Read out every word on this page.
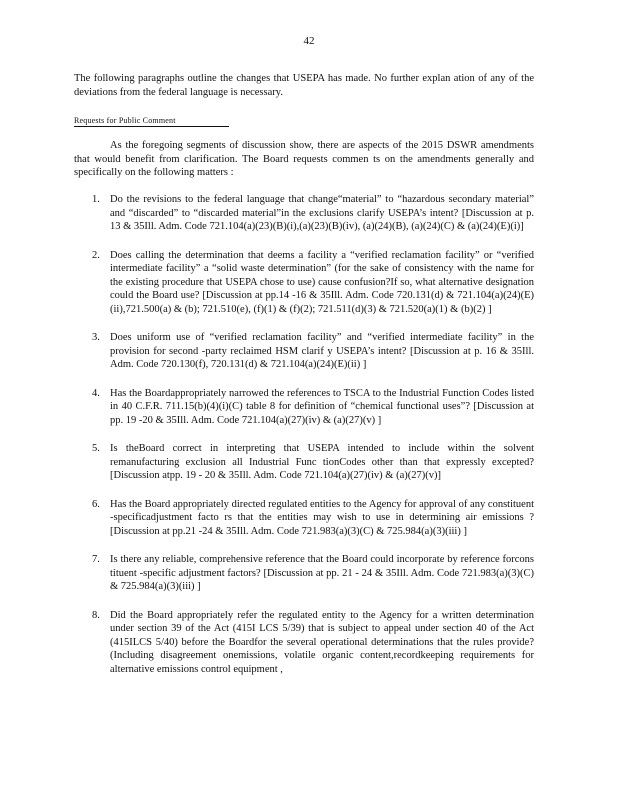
42
The following paragraphs outline the changes that USEPA has made. No further explan ation of any of the deviations from the federal language is necessary.
Requests for Public Comment
As the foregoing segments of discussion show, there are aspects of the 2015 DSWR amendments that would benefit from clarification. The Board requests commen ts on the amendments generally and specifically on the following matters :
1. Do the revisions to the federal language that change“material” to “hazardous secondary material” and “discarded” to “discarded material”in the exclusions clarify USEPA’s intent? [Discussion at p. 13 & 35Ill. Adm. Code 721.104(a)(23)(B)(i),(a)(23)(B)(iv), (a)(24)(B), (a)(24)(C) & (a)(24)(E)(i)]
2. Does calling the determination that deems a facility a “verified reclamation facility” or “verified intermediate facility” a “solid waste determination” (for the sake of consistency with the name for the existing procedure that USEPA chose to use) cause confusion?If so, what alternative designation could the Board use? [Discussion at pp.14 -16 & 35Ill. Adm. Code 720.131(d) & 721.104(a)(24)(E)(ii),721.500(a) & (b); 721.510(e), (f)(1) & (f)(2); 721.511(d)(3) & 721.520(a)(1) & (b)(2) ]
3. Does uniform use of “verified reclamation facility” and “verified intermediate facility” in the provision for second -party reclaimed HSM clarif y USEPA’s intent? [Discussion at p. 16 & 35Ill. Adm. Code 720.130(f), 720.131(d) & 721.104(a)(24)(E)(ii) ]
4. Has the Boardappropriately narrowed the references to TSCA to the Industrial Function Codes listed in 40 C.F.R. 711.15(b)(4)(i)(C) table 8 for definition of “chemical functional uses”? [Discussion at pp. 19 -20 & 35Ill. Adm. Code 721.104(a)(27)(iv) & (a)(27)(v) ]
5. Is theBoard correct in interpreting that USEPA intended to include within the solvent remanufacturing exclusion all Industrial Func tionCodes other than that expressly excepted? [Discussion atpp. 19 - 20 & 35Ill. Adm. Code 721.104(a)(27)(iv) & (a)(27)(v)]
6. Has the Board appropriately directed regulated entities to the Agency for approval of any constituent -specificadjustment facto rs that the entities may wish to use in determining air emissions ? [Discussion at pp.21 -24 & 35Ill. Adm. Code 721.983(a)(3)(C) & 725.984(a)(3)(iii) ]
7. Is there any reliable, comprehensive reference that the Board could incorporate by reference forcons tituent -specific adjustment factors? [Discussion at pp. 21 - 24 & 35Ill. Adm. Code 721.983(a)(3)(C) & 725.984(a)(3)(iii) ]
8. Did the Board appropriately refer the regulated entity to the Agency for a written determination under section 39 of the Act (415I LCS 5/39) that is subject to appeal under section 40 of the Act (415ILCS 5/40) before the Boardfor the several operational determinations that the rules provide? (Including disagreement onemissions, volatile organic content,recordkeeping requirements for alternative emissions control equipment ,
